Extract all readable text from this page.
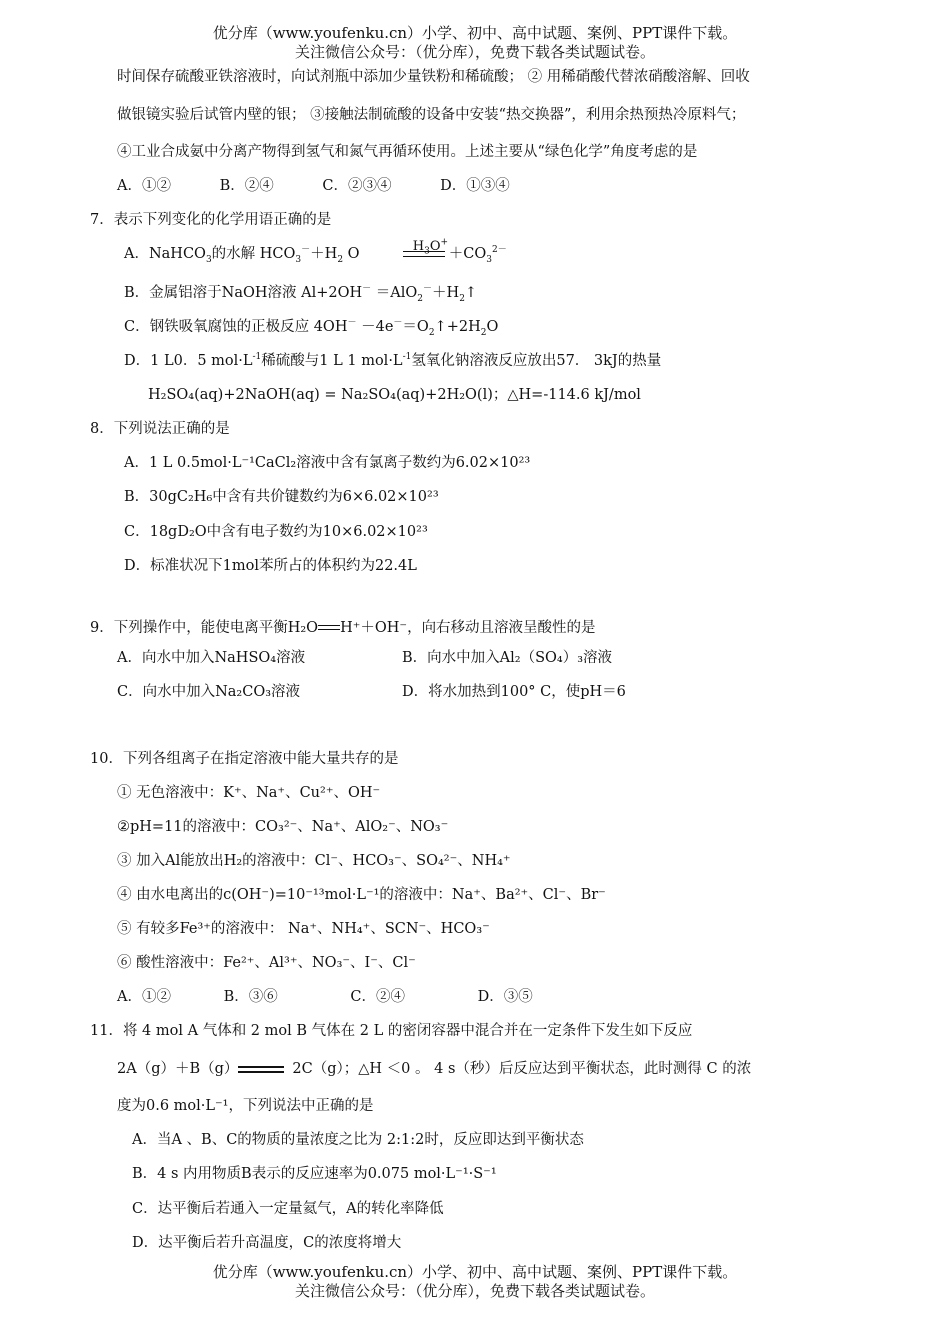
优分库（www.youfenku.cn）小学、初中、高中试题、案例、PPT课件下载。
关注微信公众号：（优分库），免费下载各类试题试卷。
时间保存硫酸亚铁溶液时，向试剂瓶中添加少量铁粉和稀硫酸； ② 用稀硝酸代替浓硝酸溶解、回收
做银镜实验后试管内壁的银； ③接触法制硫酸的设备中安装“热交换器”，利用余热预热冷原料气；
④工业合成氨中分离产物得到氢气和氮气再循环使用。上述主要从“绿色化学”角度考虑的是
A．①②	B．②④	C．②③④	D．①③④
7．表示下列变化的化学用语正确的是
A．NaHCO$_3$的水解 $HCO_3^-+H_2$ O	$H_3O^+$
$+CO_3^{2-}$
B．金属铝溶于NaOH溶液 $Al+2OH^- =AlO_2^-+H_2↑$
C．钢铁吸氧腐蚀的正极反应 $4OH^- -4e^-=O_2↑+2H_2O$
D．1 L0．5 $mol\cdot L^{-1}$稀硫酸与1 L 1 $mol\cdot L^{-1}$氢氧化钠溶液反应放出57． 3kJ的热量
H₂SO₄(aq)+2NaOH(aq) = Na₂SO₄(aq)+2H₂O(l)；△H=-114.6 kJ/mol
8．下列说法正确的是
A．1 L 0.5mol·L⁻¹CaCl₂溶液中含有氯离子数约为6.02×10²³
B．30gC₂H₆中含有共价键数约为6×6.02×10²³
C．18gD₂O中含有电子数约为10×6.02×10²³
D．标准状况下1mol苯所占的体积约为22.4L
9．下列操作中，能使电离平衡H₂O H⁺＋OH⁻，向右移动且溶液呈酸性的是
A．向水中加入NaHSO₄溶液	B．向水中加入Al₂（SO₄）₃溶液
C．向水中加入Na₂CO₃溶液	D．将水加热到100° C，使pH＝6
10．下列各组离子在指定溶液中能大量共存的是
① 无色溶液中：K⁺、Na⁺、Cu²⁺、OH⁻
②pH=11的溶液中：CO₃²⁻、Na⁺、AlO₂⁻、NO₃⁻
③ 加入Al能放出H₂的溶液中：Cl⁻、HCO₃⁻、SO₄²⁻、NH₄⁺
④ 由水电离出的c(OH⁻)=10⁻¹³mol·L⁻¹的溶液中：Na⁺、Ba²⁺、Cl⁻、Br⁻
⑤ 有较多Fe³⁺的溶液中： Na⁺、NH₄⁺、SCN⁻、HCO₃⁻
⑥ 酸性溶液中：Fe²⁺、Al³⁺、NO₃⁻、I⁻、Cl⁻
A．①②	B．③⑥	C．②④	D．③⑤
11．将 4 mol A 气体和 2 mol B 气体在 2 L 的密闭容器中混合并在一定条件下发生如下反应
2A（g）＋B（g）	2C（g）；△H ＜0 。 4 s（秒）后反应达到平衡状态，此时测得 C 的浓
度为0.6 mol·L⁻¹，下列说法中正确的是
A．当A 、B、C的物质的量浓度之比为 2:1:2时，反应即达到平衡状态
B．4 s 内用物质B表示的反应速率为0.075 mol·L⁻¹·S⁻¹
C．达平衡后若通入一定量氦气，A的转化率降低
D．达平衡后若升高温度，C的浓度将增大
优分库（www.youfenku.cn）小学、初中、高中试题、案例、PPT课件下载。
关注微信公众号：（优分库），免费下载各类试题试卷。
